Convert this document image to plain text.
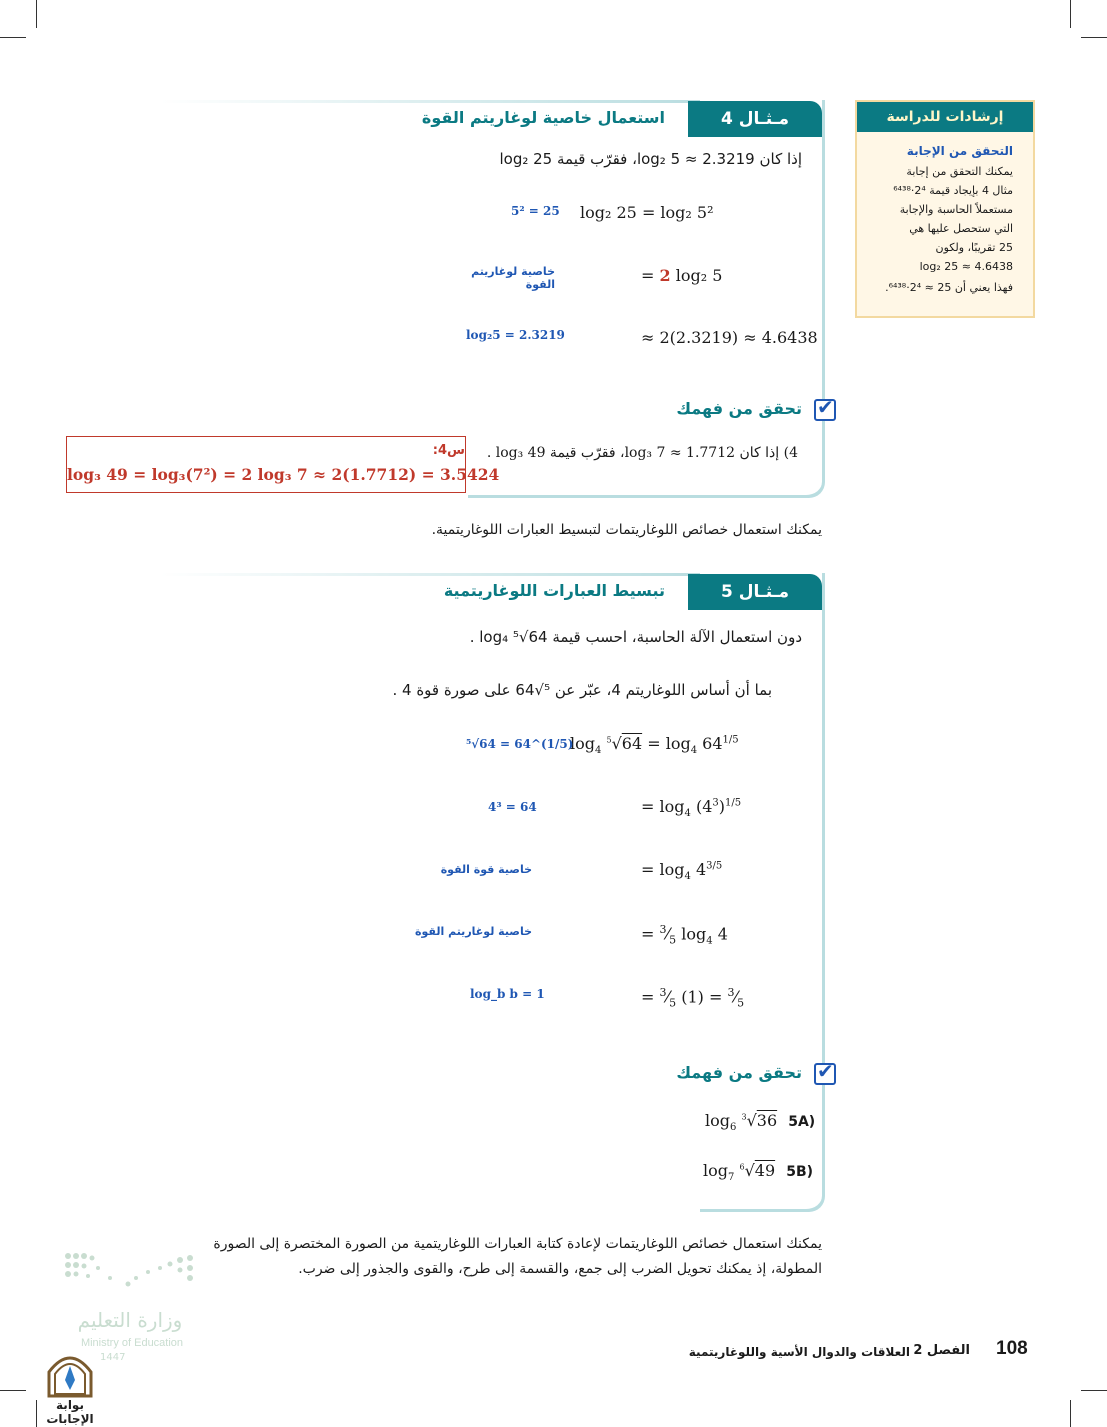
مـثـال 4
استعمال خاصية لوغاريتم القوة
إذا كان log₂ 5 ≈ 2.3219، فقرّب قيمة log₂ 25
log₂ 25 = log₂ 5²
5² = 25
= 2 log₂ 5
خاصية لوغاريتم القوة
≈ 2(2.3219) ≈ 4.6438
log₂5 = 2.3219
✔
تحقق من فهمك
4) إذا كان log₃ 7 ≈ 1.7712، فقرّب قيمة log₃ 49 .
س4:
log₃ 49 = log₃(7²) = 2 log₃ 7 ≈ 2(1.7712) = 3.5424
يمكنك استعمال خصائص اللوغاريتمات لتبسيط العبارات اللوغاريتمية.
مـثـال 5
تبسيط العبارات اللوغاريتمية
دون استعمال الآلة الحاسبة، احسب قيمة log₄ ⁵√64 .
بما أن أساس اللوغاريتم 4، عبّر عن ⁵√64 على صورة قوة 4 .
$\log_4 ^5√64 = \log_4 64^{1/5}$
⁵√64 = 64^(1/5)
= $\log_4 (4^3)^{1/5}$
4³ = 64
= $\log_4 4^{3/5}$
خاصية قوة القوة
= $^3⁄_5$ $\log_4 4$
خاصية لوغاريتم القوة
= $^3⁄_5$ $(1) = ^3⁄_5$
log_b b = 1
✔
تحقق من فهمك
$\log_6 ^3√36$ 5A)
$\log_7 ^6√49$ 5B)
إرشادات للدراسة
التحقق من الإجابة
يمكنك التحقق من إجابة
مثال 4 بإيجاد قيمة 2⁴·⁶⁴³⁸
مستعملاً الحاسبة والإجابة
التي ستحصل عليها هي
25 تقريبًا، ولكون
log₂ 25 ≈ 4.6438
فهذا يعني أن 25 ≈ 2⁴·⁶⁴³⁸.
يمكنك استعمال خصائص اللوغاريتمات لإعادة كتابة العبارات اللوغاريتمية من الصورة المختصرة إلى الصورة
المطولة، إذ يمكنك تحويل الضرب إلى جمع، والقسمة إلى طرح، والقوى والجذور إلى ضرب.
وزارة التعليم
Ministry of Education
1447
بوابة الإجابات
108
الفصل 2
العلاقات والدوال الأسية واللوغاريتمية
